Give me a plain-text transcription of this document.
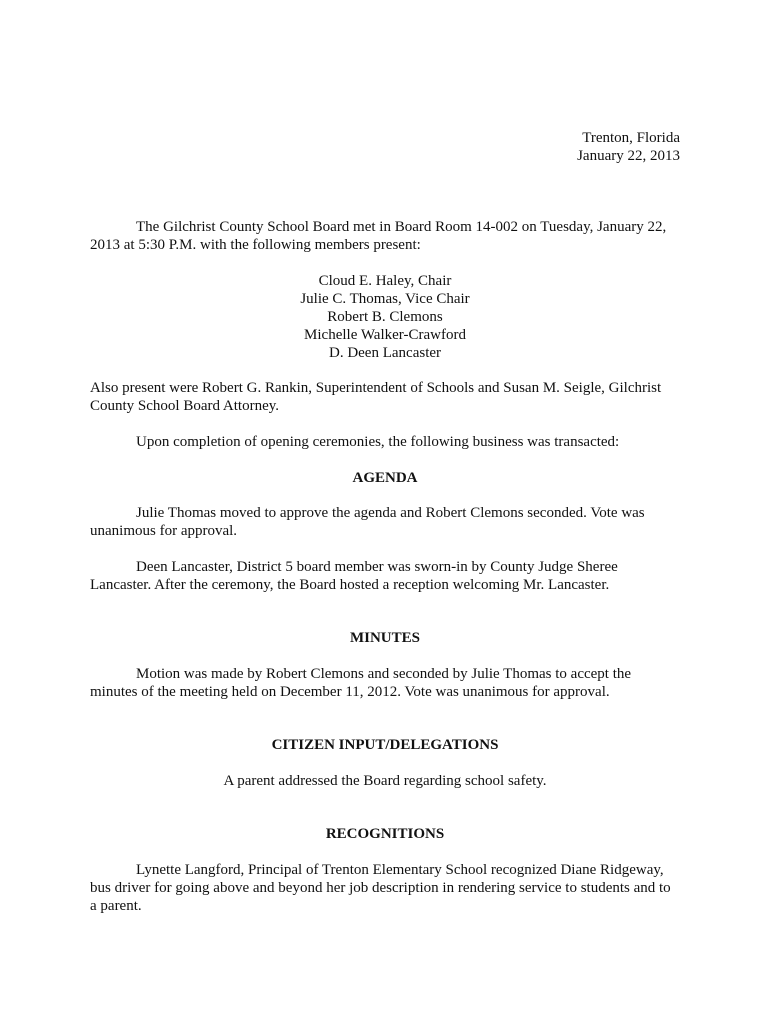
Trenton, Florida
January 22, 2013
The Gilchrist County School Board met in Board Room 14-002 on Tuesday, January 22, 2013 at 5:30 P.M. with the following members present:
Cloud E. Haley, Chair
Julie C. Thomas, Vice Chair
Robert B. Clemons
Michelle Walker-Crawford
D. Deen Lancaster
Also present were Robert G. Rankin, Superintendent of Schools and Susan M. Seigle, Gilchrist County School Board Attorney.
Upon completion of opening ceremonies, the following business was transacted:
AGENDA
Julie Thomas moved to approve the agenda and Robert Clemons seconded. Vote was unanimous for approval.
Deen Lancaster, District 5 board member was sworn-in by County Judge Sheree Lancaster. After the ceremony, the Board hosted a reception welcoming Mr. Lancaster.
MINUTES
Motion was made by Robert Clemons and seconded by Julie Thomas to accept the minutes of the meeting held on December 11, 2012. Vote was unanimous for approval.
CITIZEN INPUT/DELEGATIONS
A parent addressed the Board regarding school safety.
RECOGNITIONS
Lynette Langford, Principal of Trenton Elementary School recognized Diane Ridgeway, bus driver for going above and beyond her job description in rendering service to students and to a parent.
